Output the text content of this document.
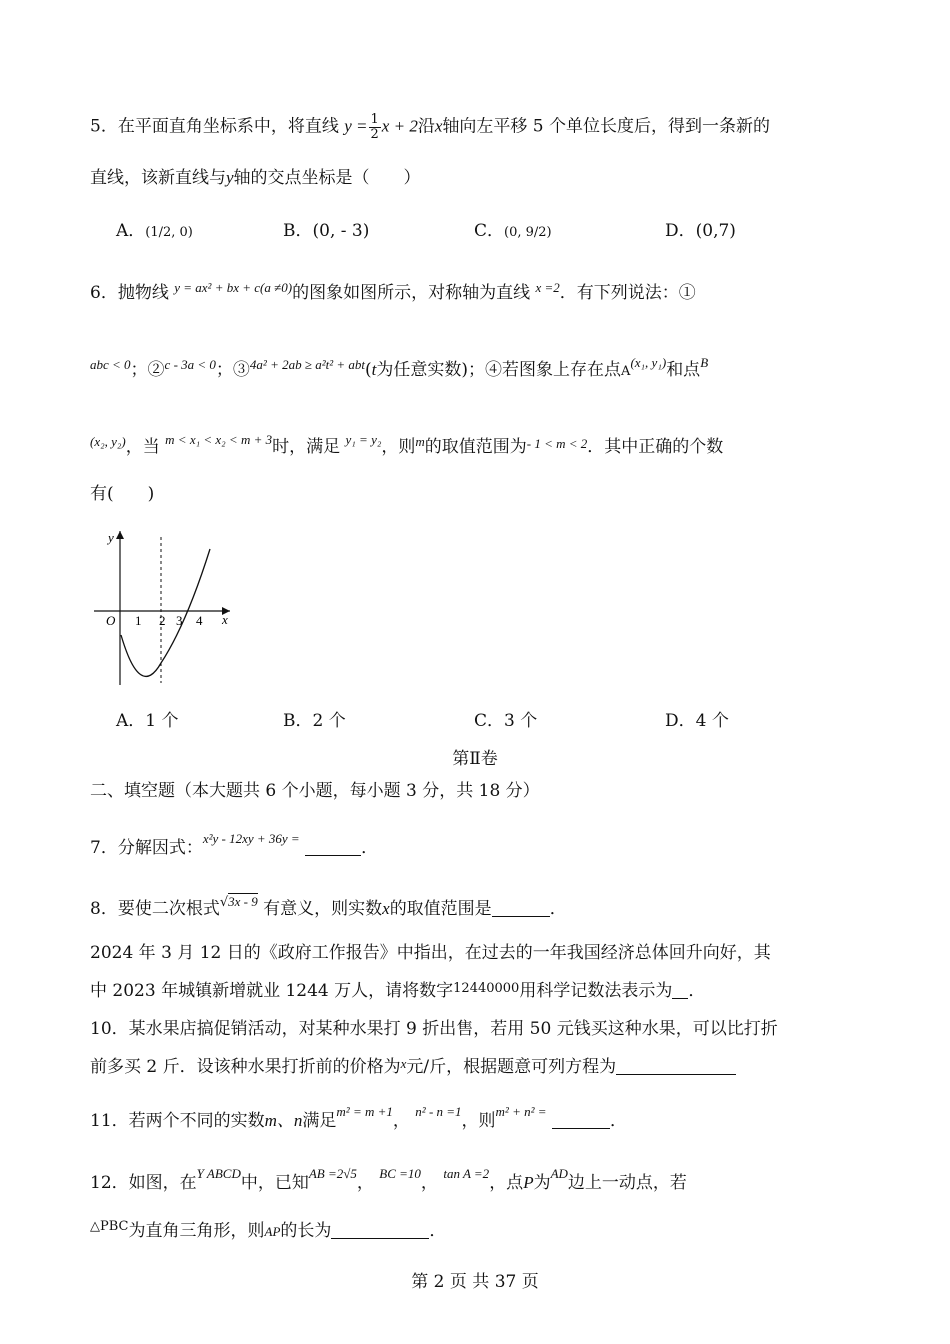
5．在平面直角坐标系中，将直线 $y = \frac{1}{2}$ x + 2沿x轴向左平移 5 个单位长度后，得到一条新的
直线，该新直线与y轴的交点坐标是（　　）
A．(1/2, 0)	B．(0, - 3)	C．(0, 9/2)	D．(0,7)
6．抛物线 $^{y = ax^2 + bx + c(a \ne 0)}$的图象如图所示，对称轴为直线 $^{x =2}$．有下列说法：①
$^{abc < 0}$；②$^{c - 3a < 0}$；③$^{4a^2 + 2ab \ge a^2t^2 + abt}$(t为任意实数)；④若图象上存在点$A^{(x_1, y_1)}$和点$^B$
$^{(x_2, y_2)}$，当 $^{m < x_1 < x_2 < m + 3}$时，满足 $^{y_1 = y_2}$，则$^m$的取值范围为$^{- 1 < m < 2}$．其中正确的个数
有(　　)
y
x
O 1 2 3 4
A．1 个	B．2 个	C．3 个	D．4 个
第Ⅱ卷
二、填空题（本大题共 6 个小题，每小题 3 分，共 18 分）
7．分解因式：$^{x^2y - 12xy + 36y =}$	．
8．要使二次根式√3x - 9 有意义，则实数x的取值范围是	．
2024 年 3 月 12 日的《政府工作报告》中指出，在过去的一年我国经济总体回升向好，其
中 2023 年城镇新增就业 1244 万人，请将数字$^{12440000}$用科学记数法表示为 ．
10．某水果店搞促销活动，对某种水果打 9 折出售，若用 50 元钱买这种水果，可以比打折
前多买 2 斤．设该种水果打折前的价格为$^x$元/斤，根据题意可列方程为
11．若两个不同的实数m、n满足$^{m^2 = m +1}$， $^{n^2 - n =1}$，则$^{m^2 + n^2 =}$	．
12．如图，在$^{Y ABCD}$中，已知$^{AB =2√5}$， $^{BC =10}$， $^{tan A =2}$，点P为$^{AD}$边上一动点，若
$^{\triangle PBC}$为直角三角形，则AP的长为	．
第 2 页 共 37 页
